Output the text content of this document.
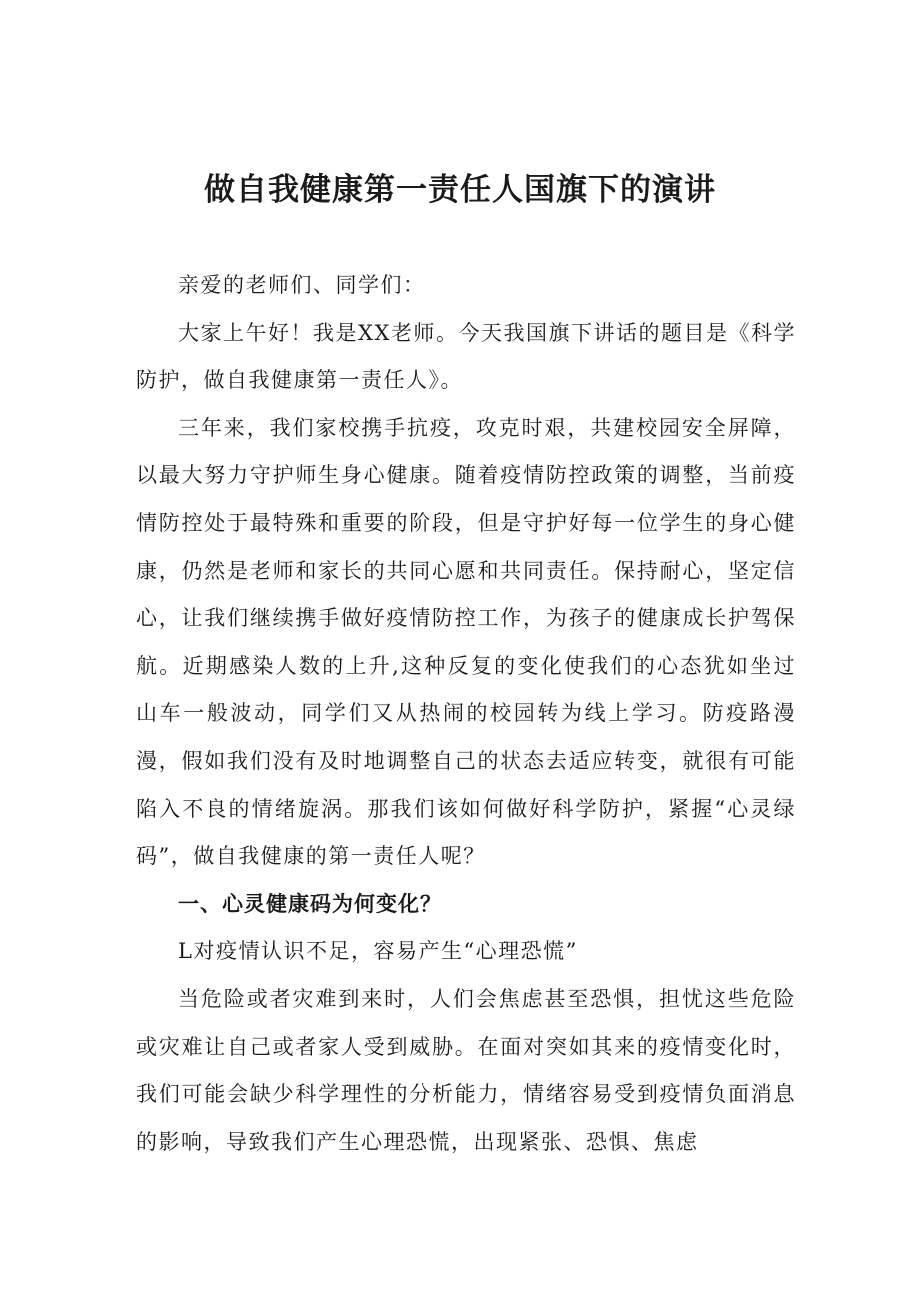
做自我健康第一责任人国旗下的演讲

亲爱的老师们、同学们：

大家上午好！我是XX老师。今天我国旗下讲话的题目是《科学防护，做自我健康第一责任人》。

三年来，我们家校携手抗疫，攻克时艰，共建校园安全屏障，以最大努力守护师生身心健康。随着疫情防控政策的调整，当前疫情防控处于最特殊和重要的阶段，但是守护好每一位学生的身心健康，仍然是老师和家长的共同心愿和共同责任。保持耐心，坚定信心，让我们继续携手做好疫情防控工作，为孩子的健康成长护驾保航。近期感染人数的上升,这种反复的变化使我们的心态犹如坐过山车一般波动，同学们又从热闹的校园转为线上学习。防疫路漫漫，假如我们没有及时地调整自己的状态去适应转变，就很有可能陷入不良的情绪旋涡。那我们该如何做好科学防护，紧握“心灵绿码”，做自我健康的第一责任人呢？

一、心灵健康码为何变化？

L对疫情认识不足，容易产生“心理恐慌”

当危险或者灾难到来时，人们会焦虑甚至恐惧，担忧这些危险或灾难让自己或者家人受到威胁。在面对突如其来的疫情变化时，我们可能会缺少科学理性的分析能力，情绪容易受到疫情负面消息的影响，导致我们产生心理恐慌，出现紧张、恐惧、焦虑
